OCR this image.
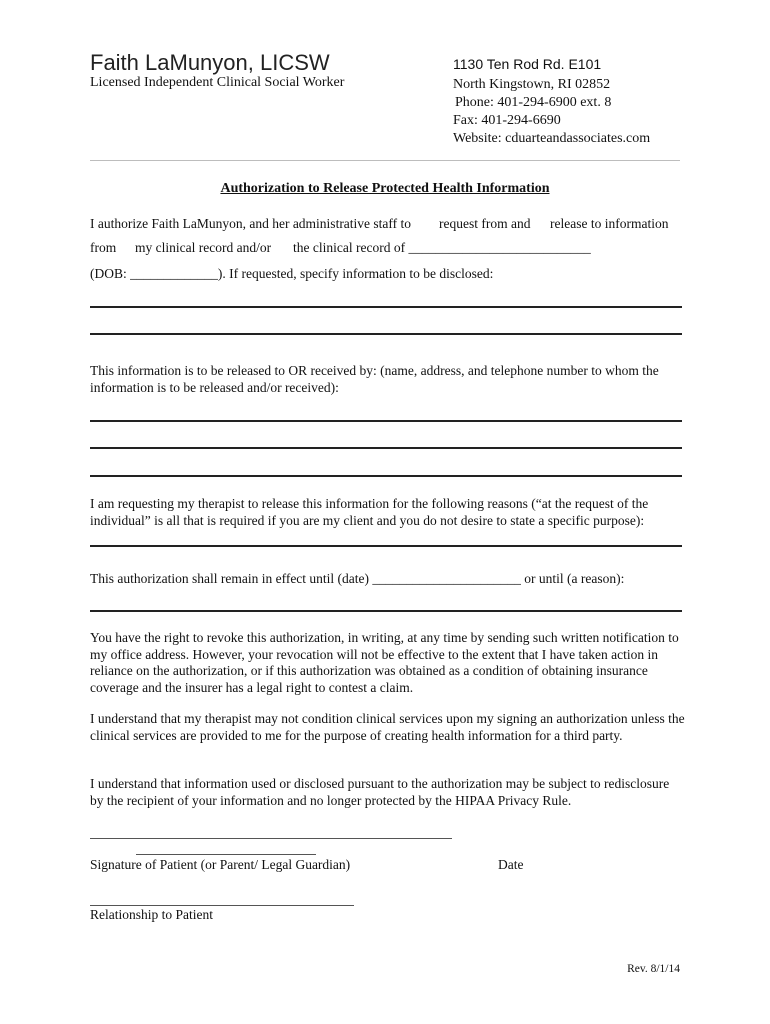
Faith LaMunyon, LICSW
Licensed Independent Clinical Social Worker
1130 Ten Rod Rd. E101
North Kingstown, RI 02852
Phone: 401-294-6900 ext. 8
Fax: 401-294-6690
Website: cduarteandassociates.com
Authorization to Release Protected Health Information
I authorize Faith LaMunyon, and her administrative staff to request from and release to information
from my clinical record and/or the clinical record of ___________________________
(DOB: _____________). If requested, specify information to be disclosed:
This information is to be released to OR received by: (name, address, and telephone number to whom the information is to be released and/or received):
I am requesting my therapist to release this information for the following reasons (“at the request of the individual” is all that is required if you are my client and you do not desire to state a specific purpose):
This authorization shall remain in effect until (date) ______________________ or until (a reason):
You have the right to revoke this authorization, in writing, at any time by sending such written notification to my office address. However, your revocation will not be effective to the extent that I have taken action in reliance on the authorization, or if this authorization was obtained as a condition of obtaining insurance coverage and the insurer has a legal right to contest a claim.
I understand that my therapist may not condition clinical services upon my signing an authorization unless the clinical services are provided to me for the purpose of creating health information for a third party.
I understand that information used or disclosed pursuant to the authorization may be subject to redisclosure by the recipient of your information and no longer protected by the HIPAA Privacy Rule.
Signature of Patient (or Parent/ Legal Guardian)	Date
Relationship to Patient
Rev. 8/1/14
